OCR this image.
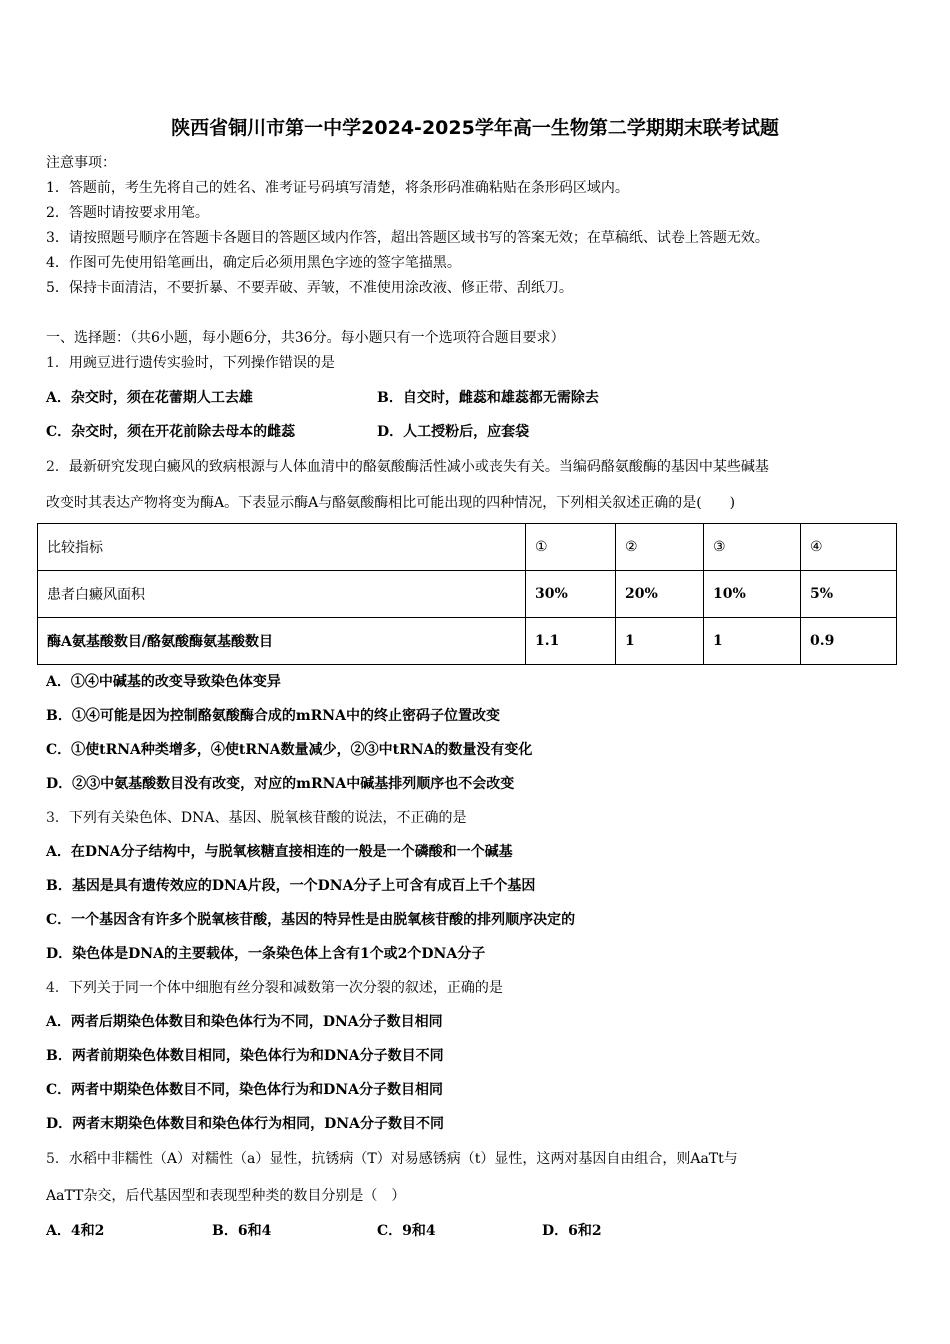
陕西省铜川市第一中学2024-2025学年高一生物第二学期期末联考试题
注意事项：
1．答题前，考生先将自己的姓名、准考证号码填写清楚，将条形码准确粘贴在条形码区域内。
2．答题时请按要求用笔。
3．请按照题号顺序在答题卡各题目的答题区域内作答，超出答题区域书写的答案无效；在草稿纸、试卷上答题无效。
4．作图可先使用铅笔画出，确定后必须用黑色字迹的签字笔描黑。
5．保持卡面清洁，不要折暴、不要弄破、弄皱，不准使用涂改液、修正带、刮纸刀。
一、选择题：（共6小题，每小题6分，共36分。每小题只有一个选项符合题目要求）
1．用豌豆进行遗传实验时，下列操作错误的是
A．杂交时，须在花蕾期人工去雄	B．自交时，雌蕊和雄蕊都无需除去
C．杂交时，须在开花前除去母本的雌蕊	D．人工授粉后，应套袋
2．最新研究发现白癜风的致病根源与人体血清中的酪氨酸酶活性减小或丧失有关。当编码酪氨酸酶的基因中某些碱基
改变时其表达产物将变为酶A。下表显示酶A与酪氨酸酶相比可能出现的四种情况，下列相关叙述正确的是(　　)
比较指标	①	②	③	④
患者白癜风面积	30%	20%	10%	5%
酶A氨基酸数目/酪氨酸酶氨基酸数目	1.1	1	1	0.9
A．①④中碱基的改变导致染色体变异
B．①④可能是因为控制酪氨酸酶合成的mRNA中的终止密码子位置改变
C．①使tRNA种类增多，④使tRNA数量减少，②③中tRNA的数量没有变化
D．②③中氨基酸数目没有改变，对应的mRNA中碱基排列顺序也不会改变
3．下列有关染色体、DNA、基因、脱氧核苷酸的说法，不正确的是
A．在DNA分子结构中，与脱氧核糖直接相连的一般是一个磷酸和一个碱基
B．基因是具有遗传效应的DNA片段，一个DNA分子上可含有成百上千个基因
C．一个基因含有许多个脱氧核苷酸，基因的特异性是由脱氧核苷酸的排列顺序决定的
D．染色体是DNA的主要载体，一条染色体上含有1个或2个DNA分子
4．下列关于同一个体中细胞有丝分裂和减数第一次分裂的叙述，正确的是
A．两者后期染色体数目和染色体行为不同，DNA分子数目相同
B．两者前期染色体数目相同，染色体行为和DNA分子数目不同
C．两者中期染色体数目不同，染色体行为和DNA分子数目相同
D．两者末期染色体数目和染色体行为相同，DNA分子数目不同
5．水稻中非糯性（A）对糯性（a）显性，抗锈病（T）对易感锈病（t）显性，这两对基因自由组合，则AaTt与
AaTT杂交，后代基因型和表现型种类的数目分别是（　）
A．4和2	B．6和4	C．9和4	D．6和2
